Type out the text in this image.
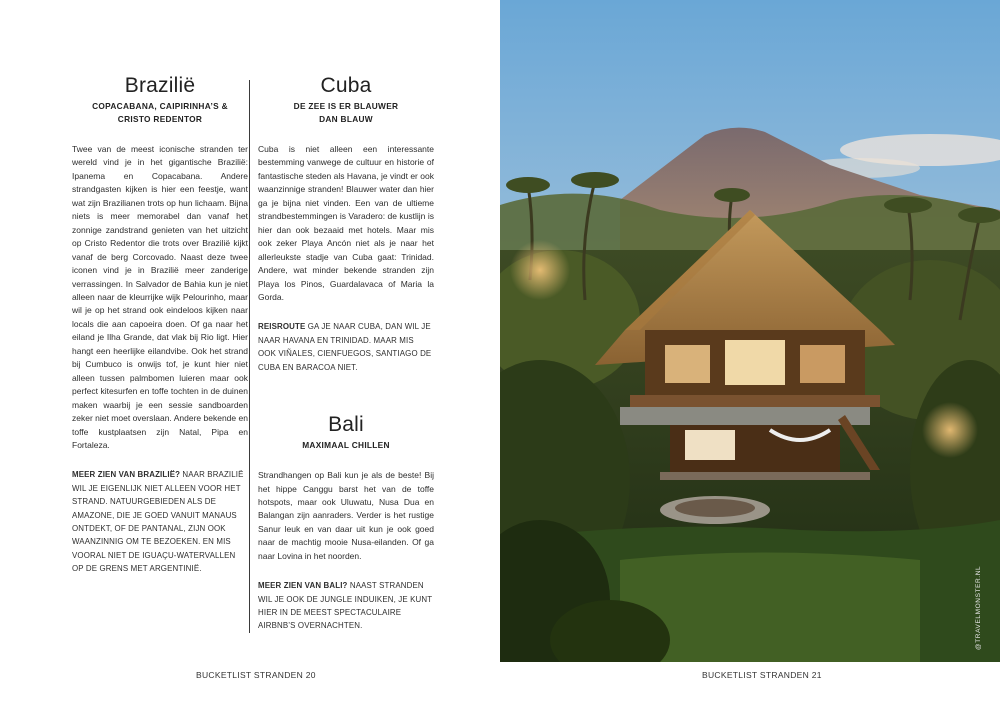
Brazilië
COPACABANA, CAIPIRINHA’S &
CRISTO REDENTOR

Twee van de meest iconische stranden ter wereld vind je in het gigantische Brazilië: Ipanema en Copacabana. Andere strandgasten kijken is hier een feestje, want wat zijn Brazilianen trots op hun lichaam. Bijna niets is meer memorabel dan vanaf het zonnige zandstrand genieten van het uitzicht op Cristo Redentor die trots over Brazilië kijkt vanaf de berg Corcovado. Naast deze twee iconen vind je in Brazilië meer zanderige verrassingen. In Salvador de Bahia kun je niet alleen naar de kleurrijke wijk Pelourinho, maar wil je op het strand ook eindeloos kijken naar locals die aan capoeira doen. Of ga naar het eiland je Ilha Grande, dat vlak bij Rio ligt. Hier hangt een heerlijke eilandvibe. Ook het strand bij Cumbuco is onwijs tof, je kunt hier niet alleen tussen palmbomen luieren maar ook perfect kitesurfen en toffe tochten in de duinen maken waarbij je een sessie sandboarden zeker niet moet overslaan. Andere bekende en toffe kustplaatsen zijn Natal, Pipa en Fortaleza.

MEER ZIEN VAN BRAZILIË? NAAR BRAZILIË WIL JE EIGENLIJK NIET ALLEEN VOOR HET STRAND. NATUURGEBIEDEN ALS DE AMAZONE, DIE JE GOED VANUIT MANAUS ONTDEKT, OF DE PANTANAL, ZIJN OOK WAANZINNIG OM TE BEZOEKEN. EN MIS VOORAL NIET DE IGUAÇU-WATERVALLEN OP DE GRENS MET ARGENTINIË.

Cuba
DE ZEE IS ER BLAUWER
DAN BLAUW

Cuba is niet alleen een interessante bestemming vanwege de cultuur en historie of fantastische steden als Havana, je vindt er ook waanzinnige stranden! Blauwer water dan hier ga je bijna niet vinden. Een van de ultieme strandbestemmingen is Varadero: de kustlijn is hier dan ook bezaaid met hotels. Maar mis ook zeker Playa Ancón niet als je naar het allerleukste stadje van Cuba gaat: Trinidad. Andere, wat minder bekende stranden zijn Playa los Pinos, Guardalavaca of Maria la Gorda.

REISROUTE GA JE NAAR CUBA, DAN WIL JE NAAR HAVANA EN TRINIDAD. MAAR MIS OOK VIÑALES, CIENFUEGOS, SANTIAGO DE CUBA EN BARACOA NIET.

Bali
MAXIMAAL CHILLEN

Strandhangen op Bali kun je als de beste! Bij het hippe Canggu barst het van de toffe hotspots, maar ook Uluwatu, Nusa Dua en Balangan zijn aanraders. Verder is het rustige Sanur leuk en van daar uit kun je ook goed naar de machtig mooie Nusa-eilanden. Of ga naar Lovina in het noorden.

MEER ZIEN VAN BALI? NAAST STRANDEN WIL JE OOK DE JUNGLE INDUIKEN, JE KUNT HIER IN DE MEEST SPECTACULAIRE AIRBNB’S OVERNACHTEN.

BUCKETLIST STRANDEN 20
@TRAVELMONSTER.NL
BUCKETLIST STRANDEN 21
